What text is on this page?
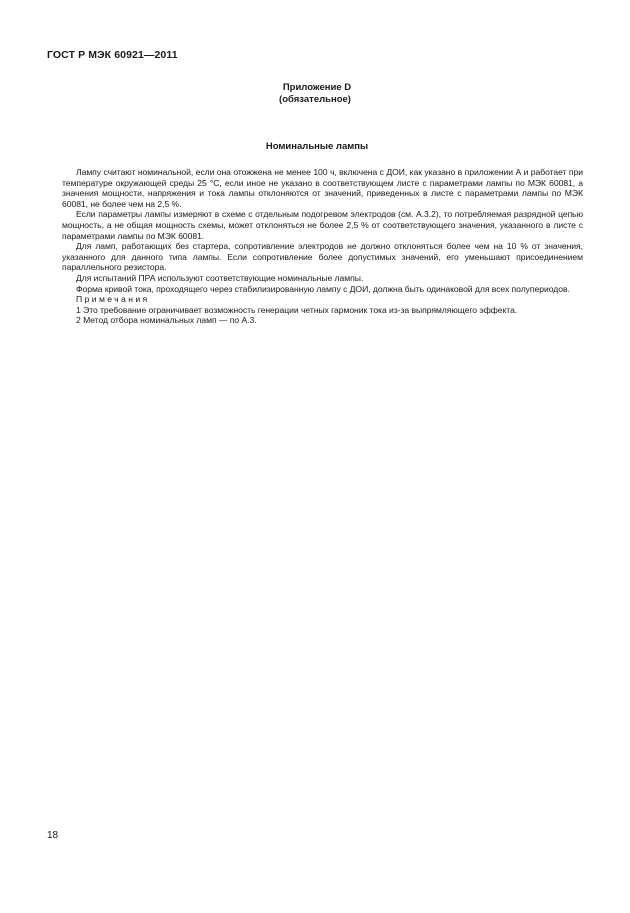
ГОСТ Р МЭК 60921—2011
Приложение D
(обязательное)
Номинальные лампы

Лампу считают номинальной, если она отожжена не менее 100 ч, включена с ДОИ, как указано в приложении А и работает при температуре окружающей среды 25 °С, если иное не указано в соответствующем листе с параметрами лампы по МЭК 60081, а значения мощности, напряжения и тока лампы отклоняются от значений, приведенных в листе с параметрами лампы по МЭК 60081, не более чем на 2,5 %.

Если параметры лампы измеряют в схеме с отдельным подогревом электродов (см. А.3.2), то потребляемая разрядной цепью мощность, а не общая мощность схемы, может отклоняться не более 2,5 % от соответствующего значения, указанного в листе с параметрами лампы по МЭК 60081.

Для ламп, работающих без стартера, сопротивление электродов не должно отклоняться более чем на 10 % от значения, указанного для данного типа лампы. Если сопротивление более допустимых значений, его уменьшают присоединением параллельного резистора.

Для испытаний ПРА используют соответствующие номинальные лампы.

Форма кривой тока, проходящего через стабилизированную лампу с ДОИ, должна быть одинаковой для всех полупериодов.

Примечания

1 Это требование ограничивает возможность генерации четных гармоник тока из-за выпрямляющего эффекта.

2 Метод отбора номинальных ламп — по А.3.

18
